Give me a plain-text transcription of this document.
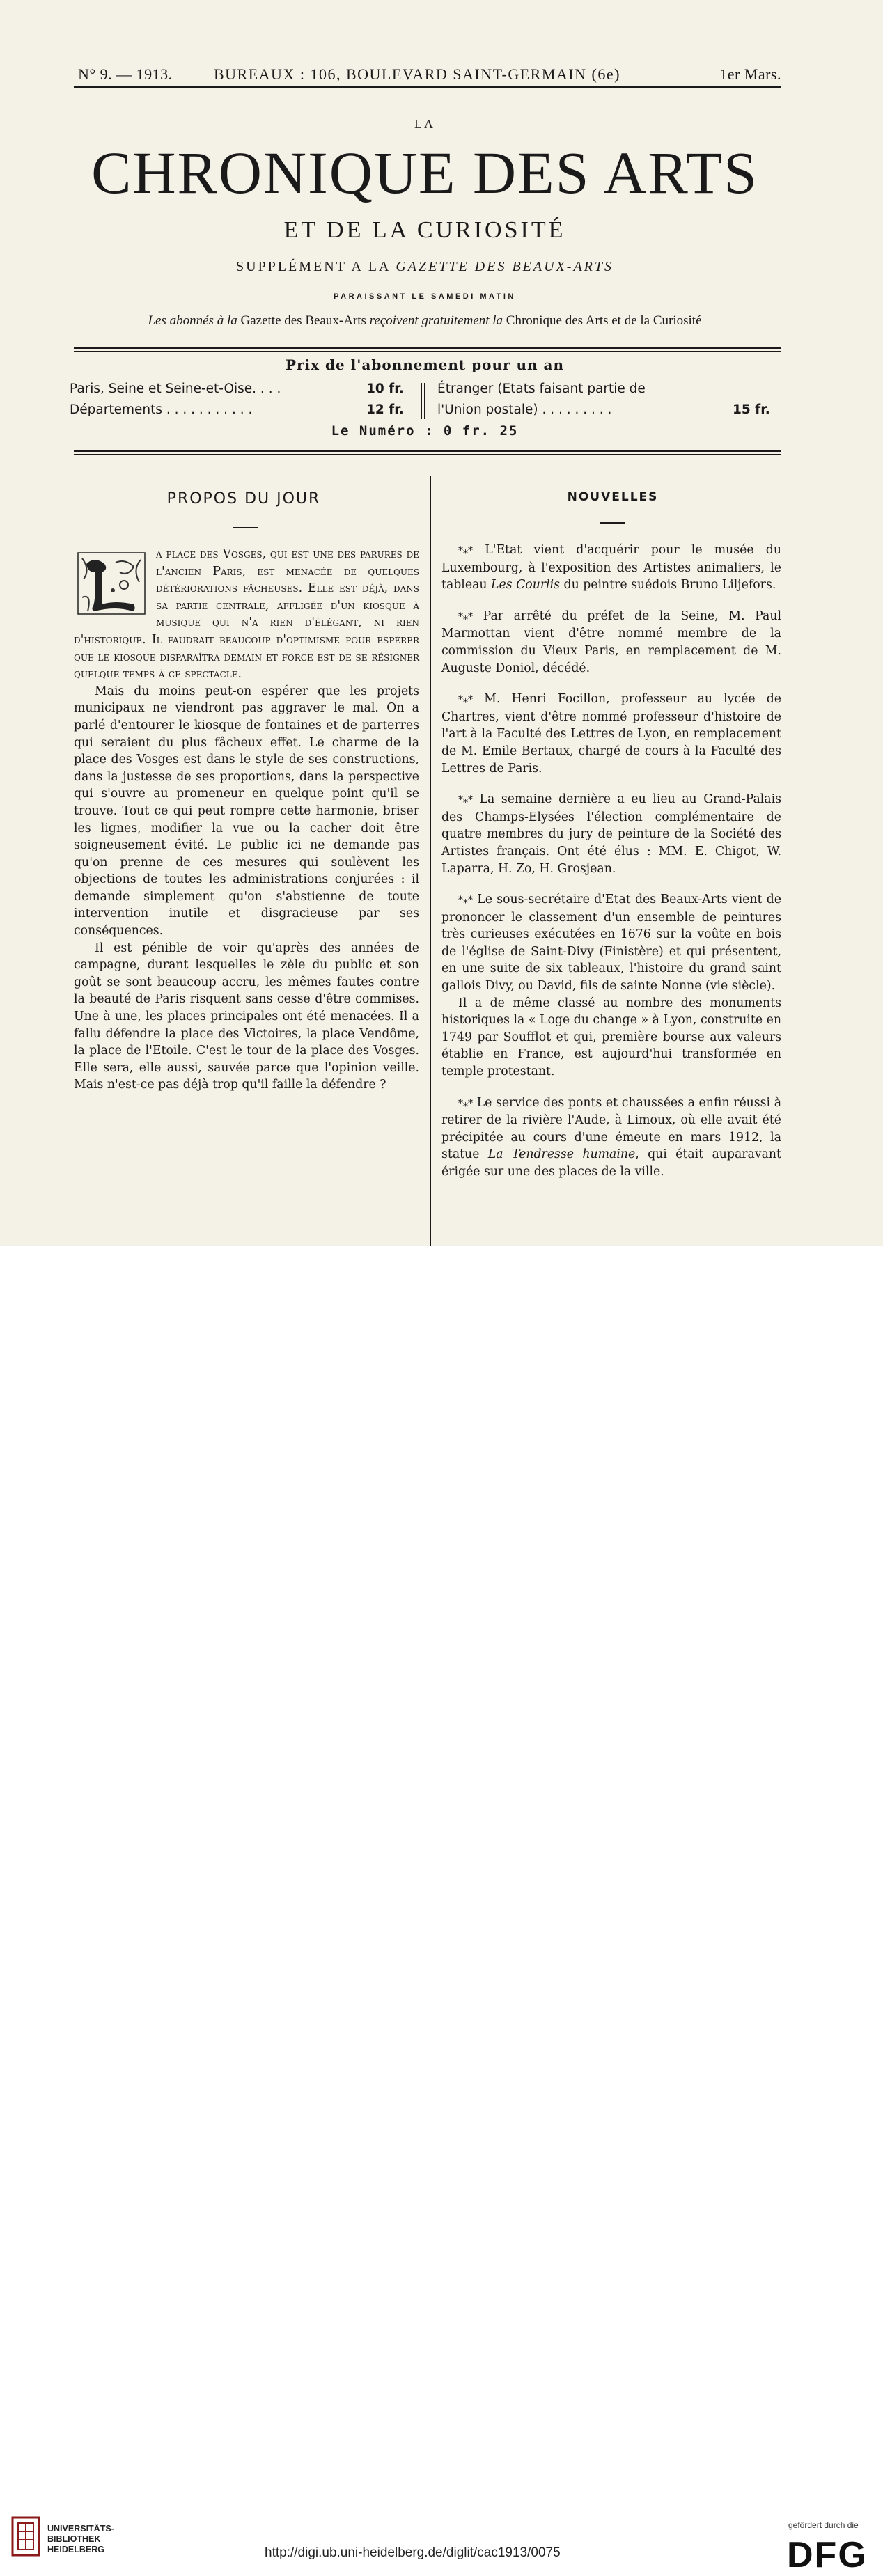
N° 9. — 1913.	BUREAUX : 106, BOULEVARD SAINT-GERMAIN (6e)	1er Mars.
LA
CHRONIQUE DES ARTS
ET DE LA CURIOSITÉ
SUPPLÉMENT A LA GAZETTE DES BEAUX-ARTS
PARAISSANT LE SAMEDI MATIN
Les abonnés à la Gazette des Beaux-Arts reçoivent gratuitement la Chronique des Arts et de la Curiosité
Prix de l'abonnement pour un an
Paris, Seine et Seine-et-Oise. . . .	10 fr.
Départements . . . . . . . . . . .	12 fr.
Étranger (Etats faisant partie de
l'Union postale) . . . . . . . . .	15 fr.
Le Numéro : 0 fr. 25
PROPOS DU JOUR	NOUVELLES

a place des Vosges, qui est une des parures de l'ancien Paris, est menacée de quelques détériorations fâcheuses. Elle est déjà, dans sa partie centrale, affligée d'un kiosque à musique qui n'a rien d'élégant, ni rien d'historique. Il faudrait beaucoup d'optimisme pour espérer que le kiosque disparaîtra demain et force est de se résigner quelque temps à ce spectacle.

Mais du moins peut-on espérer que les projets municipaux ne viendront pas aggraver le mal. On a parlé d'entourer le kiosque de fontaines et de parterres qui seraient du plus fâcheux effet. Le charme de la place des Vosges est dans le style de ses constructions, dans la justesse de ses proportions, dans la perspective qui s'ouvre au promeneur en quelque point qu'il se trouve. Tout ce qui peut rompre cette harmonie, briser les lignes, modifier la vue ou la cacher doit être soigneusement évité. Le public ici ne demande pas qu'on prenne de ces mesures qui soulèvent les objections de toutes les administrations conjurées : il demande simplement qu'on s'abstienne de toute intervention inutile et disgracieuse par ses conséquences.

Il est pénible de voir qu'après des années de campagne, durant lesquelles le zèle du public et son goût se sont beaucoup accru, les mêmes fautes contre la beauté de Paris risquent sans cesse d'être commises. Une à une, les places principales ont été menacées. Il a fallu défendre la place des Victoires, la place Vendôme, la place de l'Etoile. C'est le tour de la place des Vosges. Elle sera, elle aussi, sauvée parce que l'opinion veille. Mais n'est-ce pas déjà trop qu'il faille la défendre ?

*⁎* L'Etat vient d'acquérir pour le musée du Luxembourg, à l'exposition des Artistes animaliers, le tableau Les Courlis du peintre suédois Bruno Liljefors.

*⁎* Par arrêté du préfet de la Seine, M. Paul Marmottan vient d'être nommé membre de la commission du Vieux Paris, en remplacement de M. Auguste Doniol, décédé.

*⁎* M. Henri Focillon, professeur au lycée de Chartres, vient d'être nommé professeur d'histoire de l'art à la Faculté des Lettres de Lyon, en remplacement de M. Emile Bertaux, chargé de cours à la Faculté des Lettres de Paris.

*⁎* La semaine dernière a eu lieu au Grand-Palais des Champs-Elysées l'élection complémentaire de quatre membres du jury de peinture de la Société des Artistes français. Ont été élus : MM. E. Chigot, W. Laparra, H. Zo, H. Grosjean.

*⁎* Le sous-secrétaire d'Etat des Beaux-Arts vient de prononcer le classement d'un ensemble de peintures très curieuses exécutées en 1676 sur la voûte en bois de l'église de Saint-Divy (Finistère) et qui présentent, en une suite de six tableaux, l'histoire du grand saint gallois Divy, ou David, fils de sainte Nonne (vie siècle).

Il a de même classé au nombre des monuments historiques la « Loge du change » à Lyon, construite en 1749 par Soufflot et qui, première bourse aux valeurs établie en France, est aujourd'hui transformée en temple protestant.

*⁎* Le service des ponts et chaussées a enfin réussi à retirer de la rivière l'Aude, à Limoux, où elle avait été précipitée au cours d'une émeute en mars 1912, la statue La Tendresse humaine, qui était auparavant érigée sur une des places de la ville.

UNIVERSITÄTS-
BIBLIOTHEK
HEIDELBERG	http://digi.ub.uni-heidelberg.de/diglit/cac1913/0075
gefördert durch die
DFG
